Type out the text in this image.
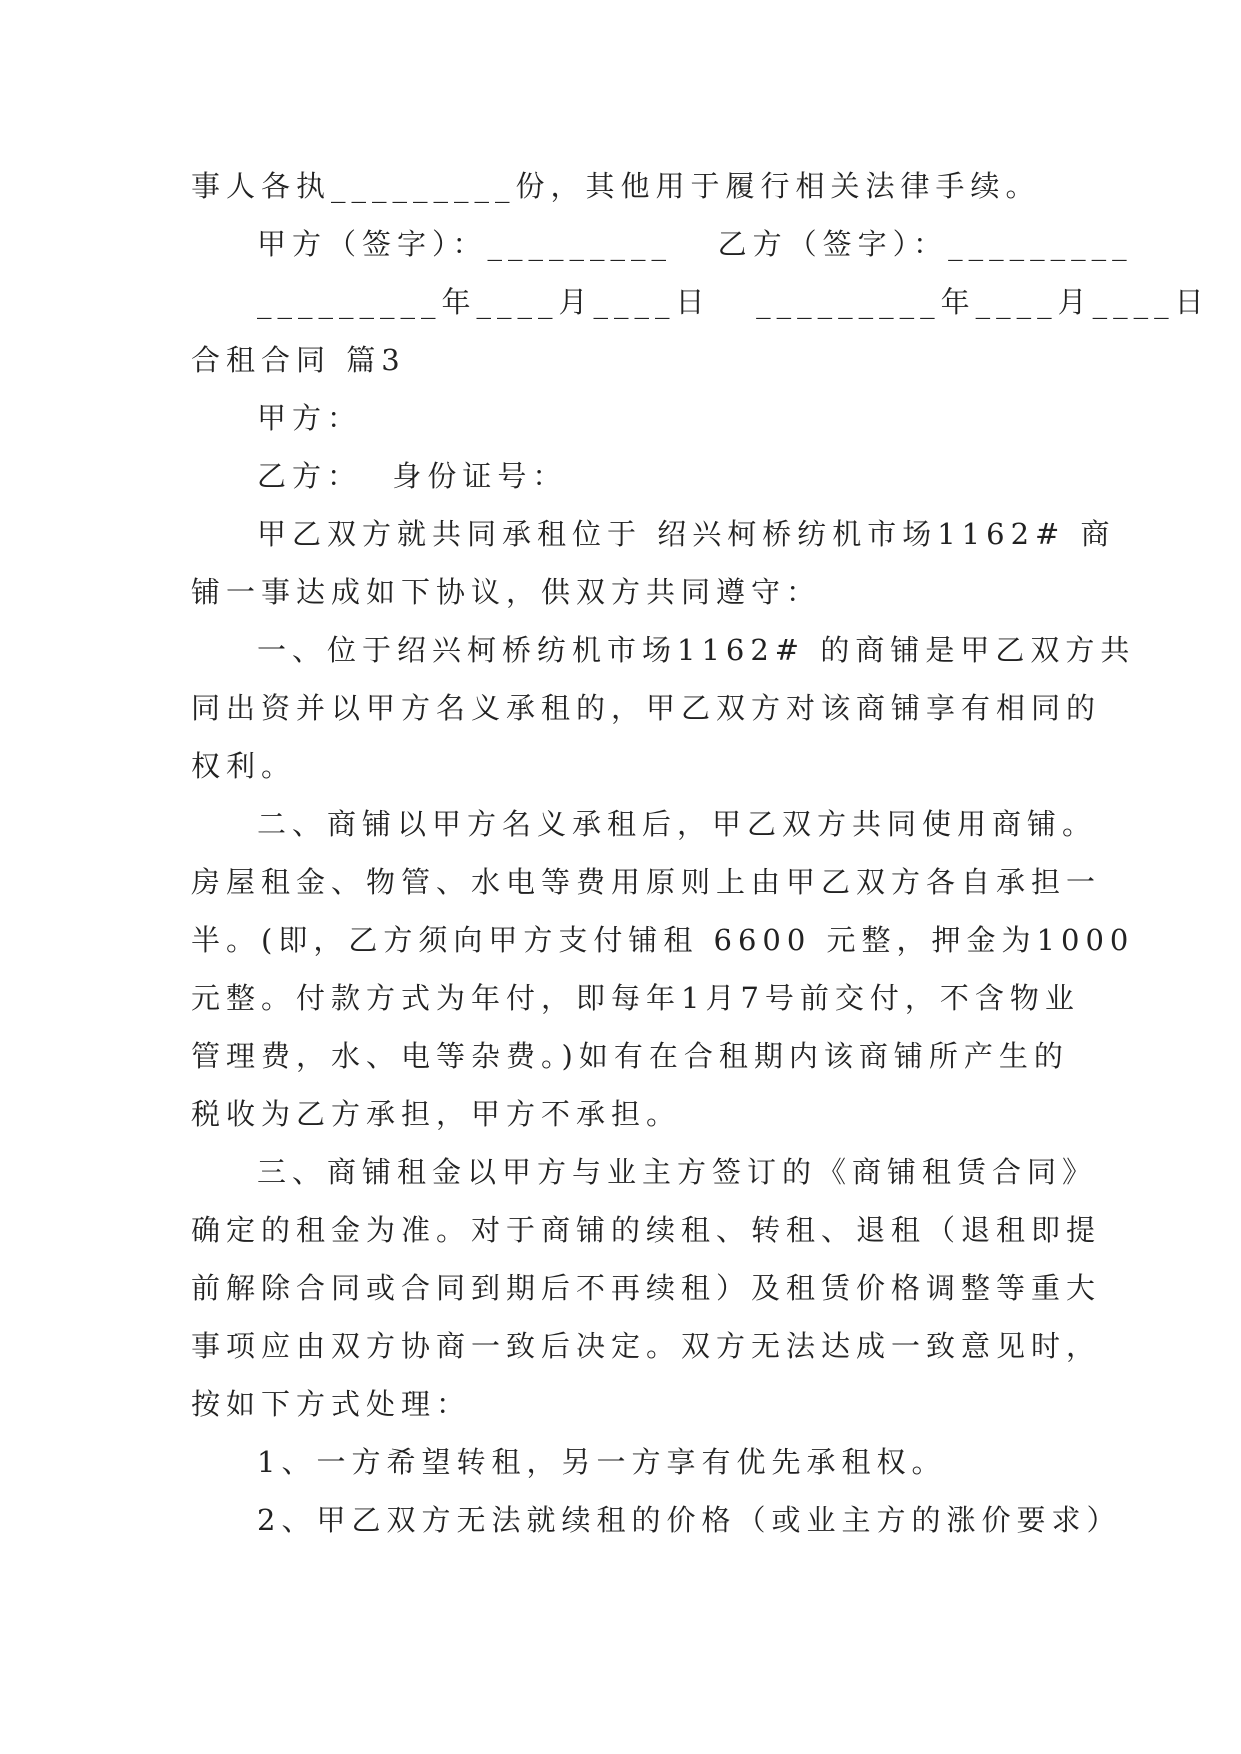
事人各执_________份，其他用于履行相关法律手续。
甲方（签字）：_________   乙方（签字）：_________
_________年____月____日   _________年____月____日
合租合同 篇3
甲方：
乙方：  身份证号：
甲乙双方就共同承租位于 绍兴柯桥纺机市场1162# 商
铺一事达成如下协议，供双方共同遵守：
一、位于绍兴柯桥纺机市场1162# 的商铺是甲乙双方共
同出资并以甲方名义承租的，甲乙双方对该商铺享有相同的
权利。
二、商铺以甲方名义承租后，甲乙双方共同使用商铺。
房屋租金、物管、水电等费用原则上由甲乙双方各自承担一
半。(即，乙方须向甲方支付铺租 6600 元整，押金为1000
元整。付款方式为年付，即每年1月7号前交付，不含物业
管理费，水、电等杂费。)如有在合租期内该商铺所产生的
税收为乙方承担，甲方不承担。
三、商铺租金以甲方与业主方签订的《商铺租赁合同》
确定的租金为准。对于商铺的续租、转租、退租（退租即提
前解除合同或合同到期后不再续租）及租赁价格调整等重大
事项应由双方协商一致后决定。双方无法达成一致意见时，
按如下方式处理：
1、一方希望转租，另一方享有优先承租权。
2、甲乙双方无法就续租的价格（或业主方的涨价要求）
